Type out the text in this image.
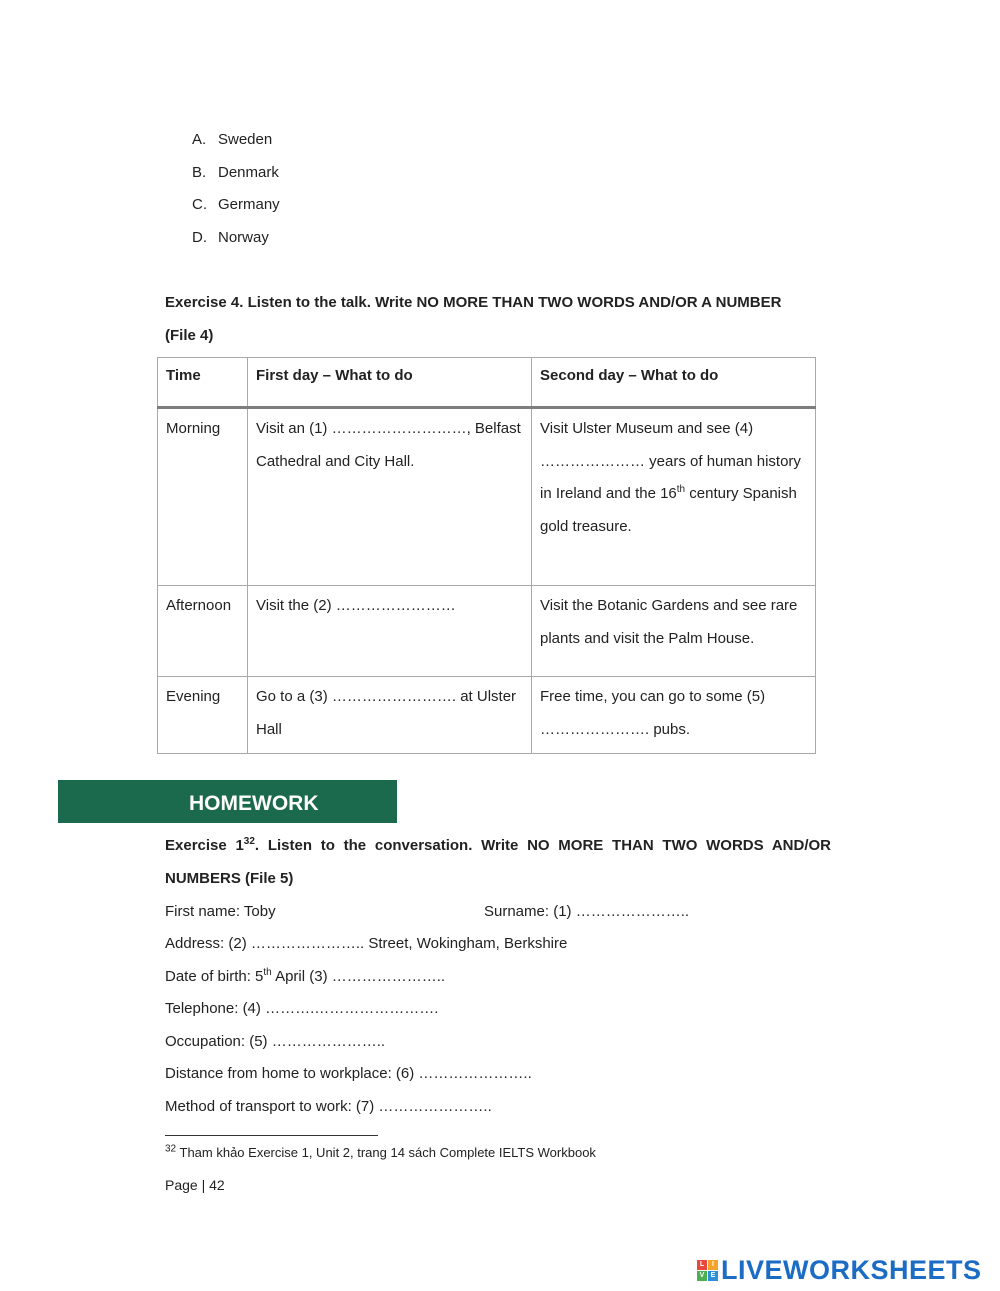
A. Sweden
B. Denmark
C. Germany
D. Norway
Exercise 4. Listen to the talk. Write NO MORE THAN TWO WORDS AND/OR A NUMBER
(File 4)
Time	First day – What to do	Second day – What to do
Morning	Visit an (1) ………………………, Belfast Cathedral and City Hall.	Visit Ulster Museum and see (4) ………………… years of human history in Ireland and the 16th century Spanish gold treasure.
Afternoon	Visit the (2) ……………………	Visit the Botanic Gardens and see rare plants and visit the Palm House.
Evening	Go to a (3) ……………………. at Ulster Hall	Free time, you can go to some (5) …………………. pubs.
HOMEWORK
Exercise $1^{32}$. Listen to the conversation. Write NO MORE THAN TWO WORDS AND/OR
NUMBERS (File 5)
First name: Toby	Surname: (1) …………………..
Address: (2) ………………….. Street, Wokingham, Berkshire
Date of birth: 5th April (3) …………………..
Telephone: (4) ……….…………………….
Occupation: (5) …………………..
Distance from home to workplace: (6) …………………..
Method of transport to work: (7) …………………..
$^{32}$ Tham khảo Exercise 1, Unit 2, trang 14 sách Complete IELTS Workbook
Page | 42
L	I
V E LIVEWORKSHEETS
